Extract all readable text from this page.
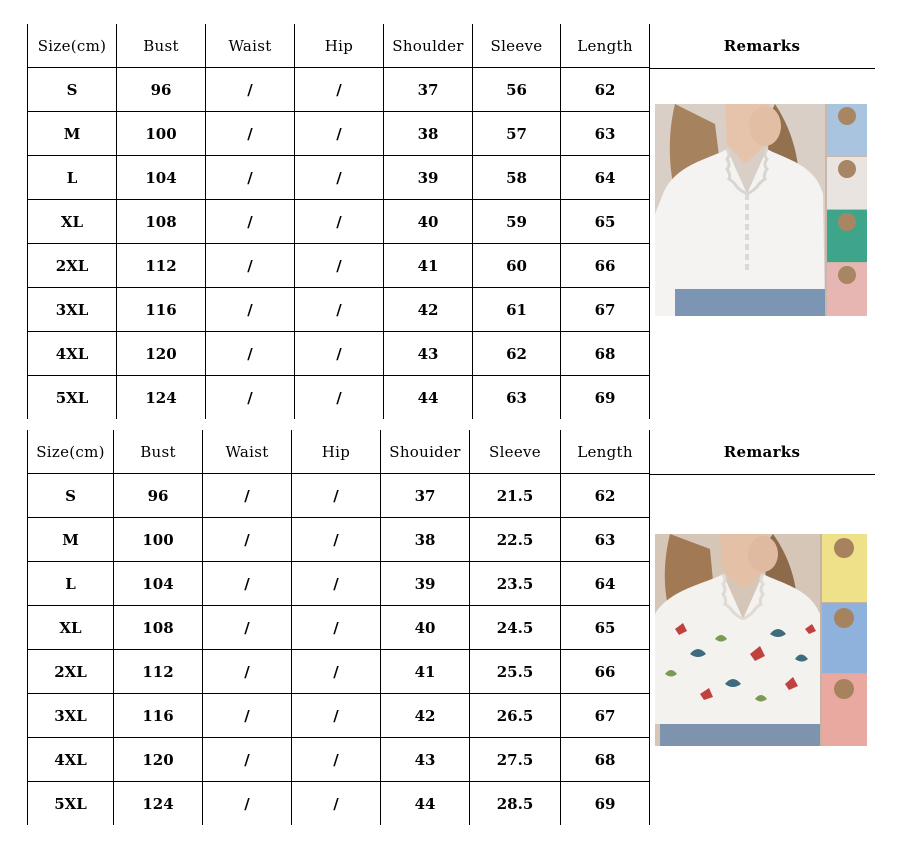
Size(cm)	Bust	Waist	Hip	Shoulder	Sleeve	Length
S	96	/	/	37	56	62
M	100	/	/	38	57	63
L	104	/	/	39	58	64
XL	108	/	/	40	59	65
2XL	112	/	/	41	60	66
3XL	116	/	/	42	61	67
4XL	120	/	/	43	62	68
5XL	124	/	/	44	63	69
Remarks
Size(cm)	Bust	Waist	Hip	Shouider	Sleeve	Length
S	96	/	/	37	21.5	62
M	100	/	/	38	22.5	63
L	104	/	/	39	23.5	64
XL	108	/	/	40	24.5	65
2XL	112	/	/	41	25.5	66
3XL	116	/	/	42	26.5	67
4XL	120	/	/	43	27.5	68
5XL	124	/	/	44	28.5	69
Remarks
